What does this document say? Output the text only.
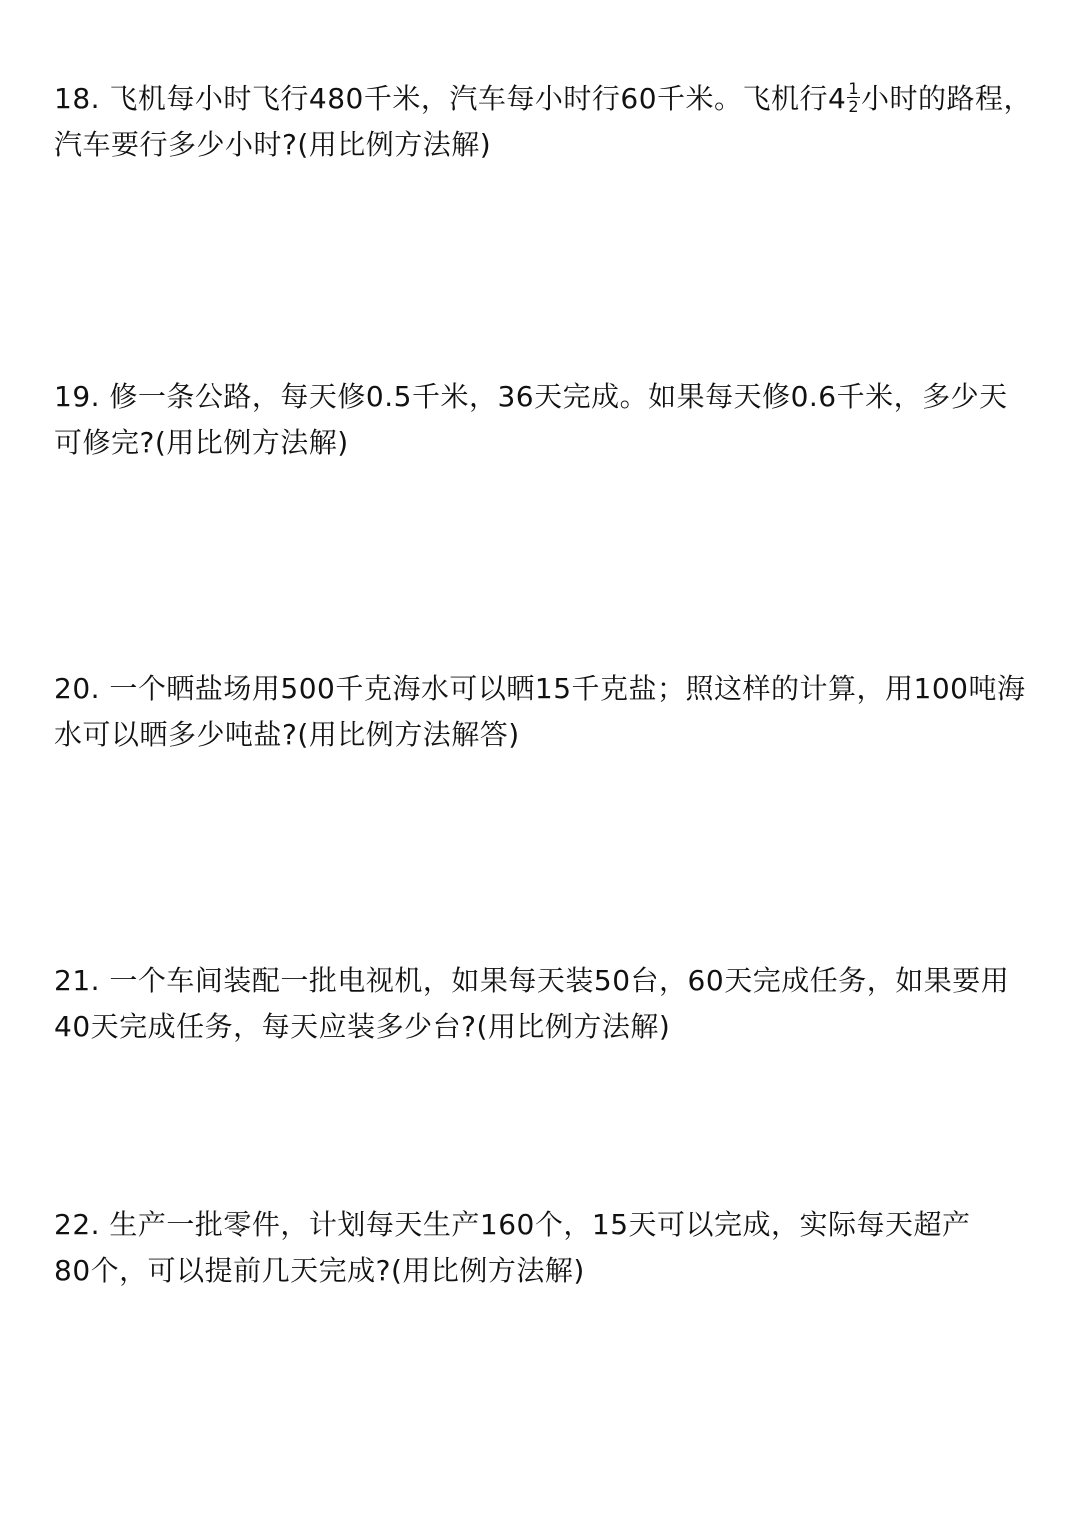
18. 飞机每小时飞行480千米，汽车每小时行60千米。飞机行$4 \frac{1}{2}$ 小时的路程，
汽车要行多少小时?(用比例方法解)
19. 修一条公路，每天修0.5千米，36天完成。如果每天修0.6千米，多少天
可修完?(用比例方法解)
20. 一个晒盐场用500千克海水可以晒15千克盐；照这样的计算，用100吨海
水可以晒多少吨盐?(用比例方法解答)
21. 一个车间装配一批电视机，如果每天装50台，60天完成任务，如果要用
40天完成任务，每天应装多少台?(用比例方法解)
22. 生产一批零件，计划每天生产160个，15天可以完成，实际每天超产
80个，可以提前几天完成?(用比例方法解)
